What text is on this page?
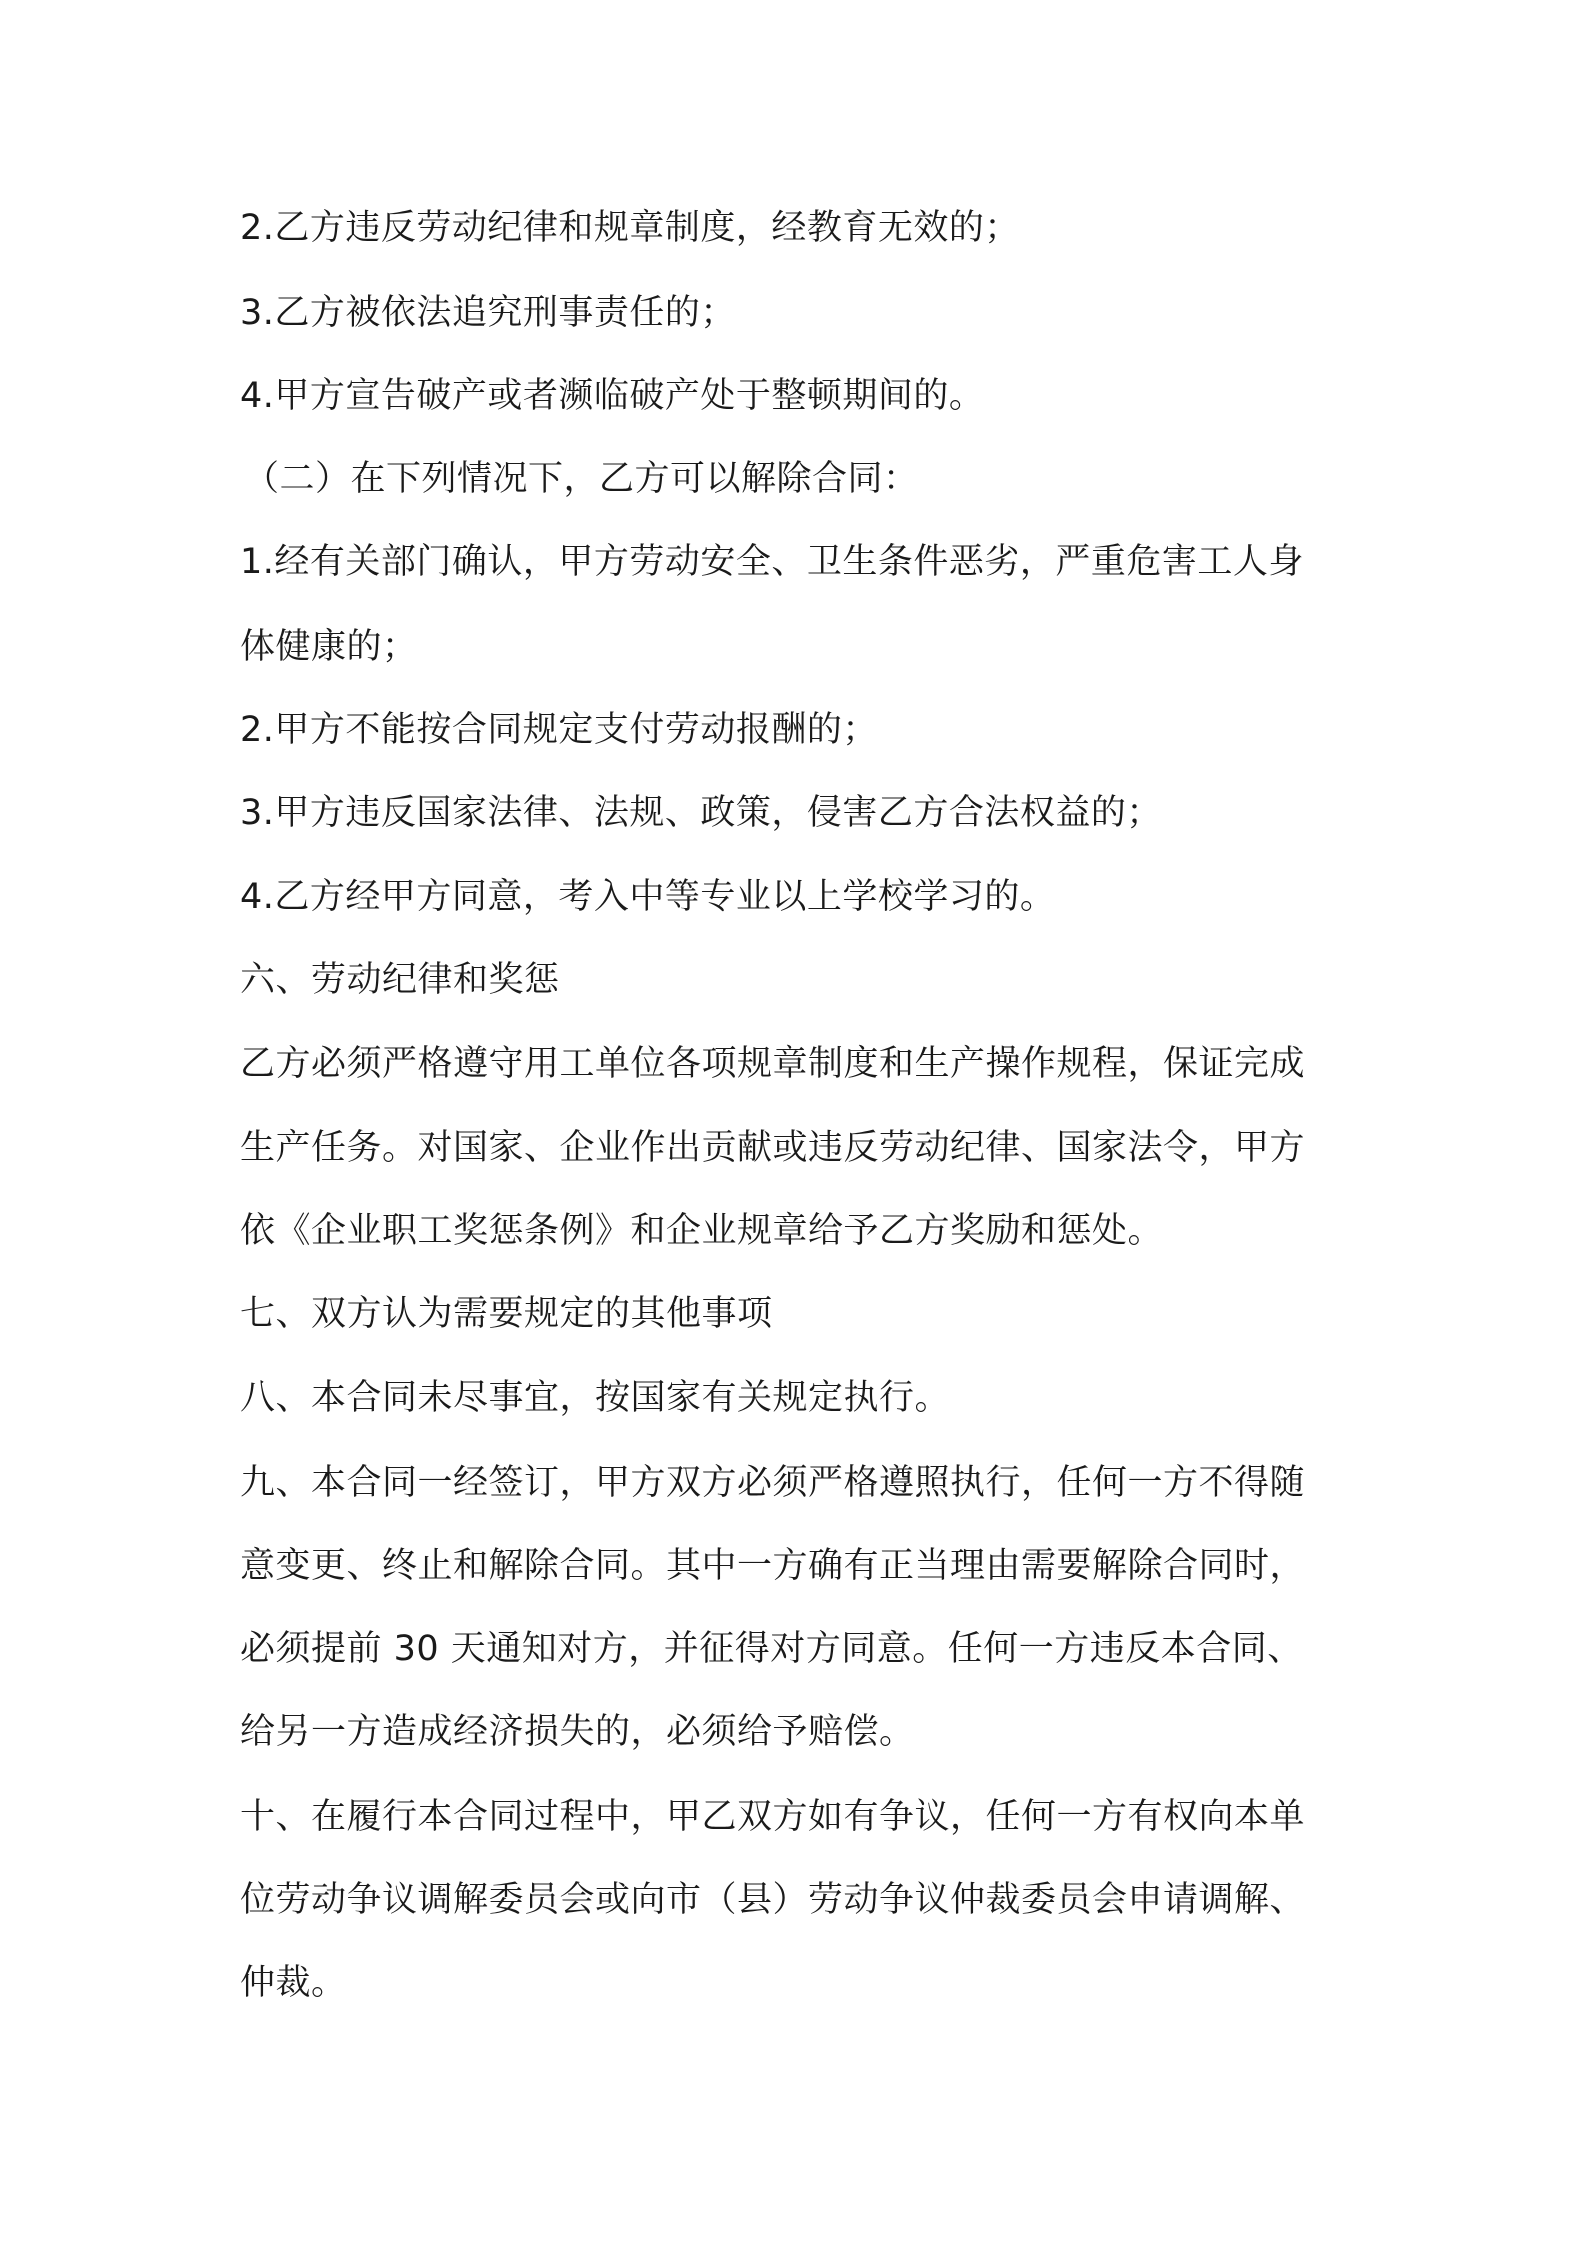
2.乙方违反劳动纪律和规章制度，经教育无效的；
3.乙方被依法追究刑事责任的；
4.甲方宣告破产或者濒临破产处于整顿期间的。
（二）在下列情况下，乙方可以解除合同：
1.经有关部门确认，甲方劳动安全、卫生条件恶劣，严重危害工人身
体健康的；
2.甲方不能按合同规定支付劳动报酬的；
3.甲方违反国家法律、法规、政策，侵害乙方合法权益的；
4.乙方经甲方同意，考入中等专业以上学校学习的。
六、劳动纪律和奖惩
乙方必须严格遵守用工单位各项规章制度和生产操作规程，保证完成
生产任务。对国家、企业作出贡献或违反劳动纪律、国家法令，甲方
依《企业职工奖惩条例》和企业规章给予乙方奖励和惩处。
七、双方认为需要规定的其他事项
八、本合同未尽事宜，按国家有关规定执行。
九、本合同一经签订，甲方双方必须严格遵照执行，任何一方不得随
意变更、终止和解除合同。其中一方确有正当理由需要解除合同时，
必须提前 30 天通知对方，并征得对方同意。任何一方违反本合同、
给另一方造成经济损失的，必须给予赔偿。
十、在履行本合同过程中，甲乙双方如有争议，任何一方有权向本单
位劳动争议调解委员会或向市（县）劳动争议仲裁委员会申请调解、
仲裁。
